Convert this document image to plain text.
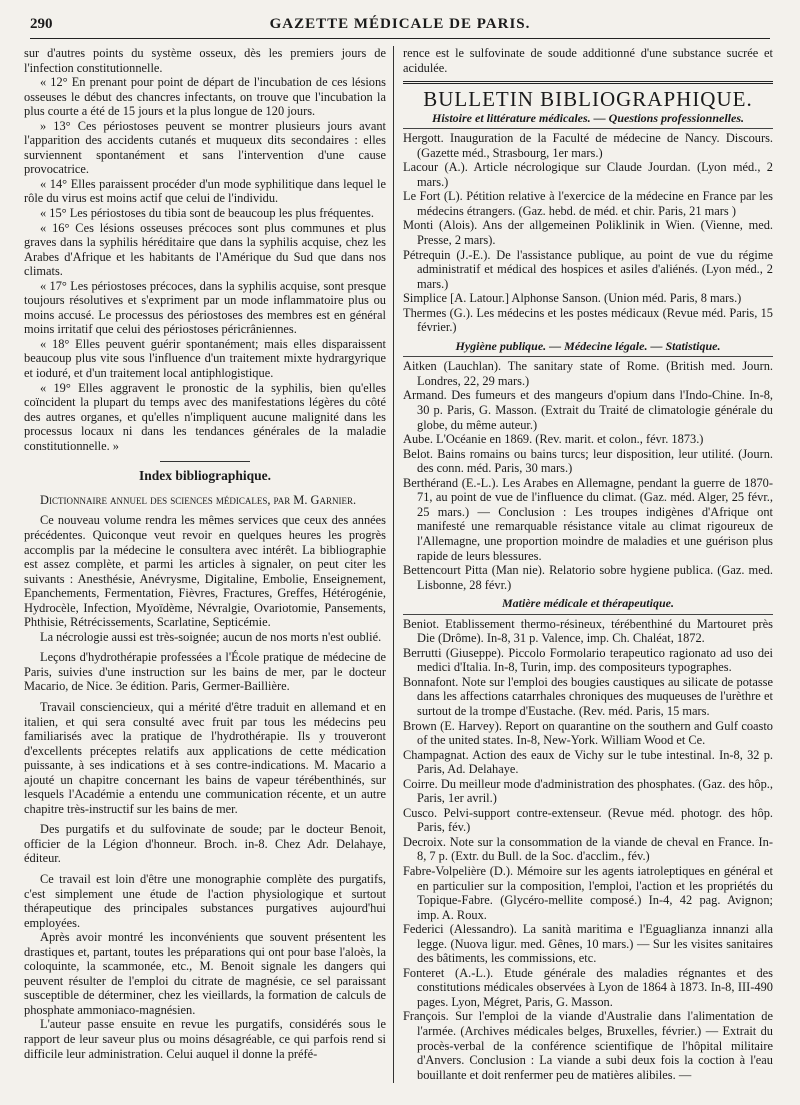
290	GAZETTE MÉDICALE DE PARIS.

sur d'autres points du système osseux, dès les premiers jours de l'infection constitutionnelle.

« 12° En prenant pour point de départ de l'incubation de ces lésions osseuses le début des chancres infectants, on trouve que l'incubation la plus courte a été de 15 jours et la plus longue de 120 jours.

» 13° Ces périostoses peuvent se montrer plusieurs jours avant l'apparition des accidents cutanés et muqueux dits secondaires : elles surviennent spontanément et sans l'intervention d'une cause provocatrice.

« 14° Elles paraissent procéder d'un mode syphilitique dans lequel le rôle du virus est moins actif que celui de l'individu.

« 15° Les périostoses du tibia sont de beaucoup les plus fréquentes.

« 16° Ces lésions osseuses précoces sont plus communes et plus graves dans la syphilis héréditaire que dans la syphilis acquise, chez les Arabes d'Afrique et les habitants de l'Amérique du Sud que dans nos climats.

« 17° Les périostoses précoces, dans la syphilis acquise, sont presque toujours résolutives et s'expriment par un mode inflammatoire plus ou moins accusé. Le processus des périostoses des membres est en général moins irritatif que celui des périostoses péricrâniennes.

« 18° Elles peuvent guérir spontanément; mais elles disparaissent beaucoup plus vite sous l'influence d'un traitement mixte hydrargyrique et ioduré, et d'un traitement local antiphlogistique.

« 19° Elles aggravent le pronostic de la syphilis, bien qu'elles coïncident la plupart du temps avec des manifestations légères du côté des autres organes, et qu'elles n'impliquent aucune malignité dans les processus locaux ni dans les tendances générales de la maladie constitutionnelle. »

Index bibliographique.

Dictionnaire annuel des sciences médicales, par M. Garnier.

Ce nouveau volume rendra les mêmes services que ceux des années précédentes. Quiconque veut revoir en quelques heures les progrès accomplis par la médecine le consultera avec intérêt. La bibliographie est assez complète, et parmi les articles à signaler, on peut citer les suivants : Anesthésie, Anévrysme, Digitaline, Embolie, Enseignement, Epanchements, Fermentation, Fièvres, Fractures, Greffes, Hétérogénie, Hydrocèle, Infection, Myoïdème, Névralgie, Ovariotomie, Pansements, Phthisie, Rétrécissements, Scarlatine, Septicémie.

La nécrologie aussi est très-soignée; aucun de nos morts n'est oublié.

Leçons d'hydrothérapie professées a l'École pratique de médecine de Paris, suivies d'une instruction sur les bains de mer, par le docteur Macario, de Nice. 3e édition. Paris, Germer-Baillière.

Travail consciencieux, qui a mérité d'être traduit en allemand et en italien, et qui sera consulté avec fruit par tous les médecins peu familiarisés avec la pratique de l'hydrothérapie. Ils y trouveront d'excellents préceptes relatifs aux applications de cette médication puissante, à ses indications et à ses contre-indications. M. Macario a ajouté un chapitre concernant les bains de vapeur térébenthinés, sur lesquels l'Académie a entendu une communication récente, et un autre chapitre très-instructif sur les bains de mer.

Des purgatifs et du sulfovinate de soude; par le docteur Benoit, officier de la Légion d'honneur. Broch. in-8. Chez Adr. Delahaye, éditeur.

Ce travail est loin d'être une monographie complète des purgatifs, c'est simplement une étude de l'action physiologique et surtout thérapeutique des principales substances purgatives aujourd'hui employées.

Après avoir montré les inconvénients que souvent présentent les drastiques et, partant, toutes les préparations qui ont pour base l'aloès, la coloquinte, la scammonée, etc., M. Benoit signale les dangers qui peuvent résulter de l'emploi du citrate de magnésie, ce sel paraissant susceptible de déterminer, chez les vieillards, la formation de calculs de phosphate ammoniaco-magnésien.

L'auteur passe ensuite en revue les purgatifs, considérés sous le rapport de leur saveur plus ou moins désagréable, ce qui parfois rend si difficile leur administration. Celui auquel il donne la préfé-

rence est le sulfovinate de soude additionné d'une substance sucrée et acidulée.

BULLETIN BIBLIOGRAPHIQUE.
Histoire et littérature médicales. — Questions professionnelles.

Hergott. Inauguration de la Faculté de médecine de Nancy. Discours. (Gazette méd., Strasbourg, 1er mars.)

Lacour (A.). Article nécrologique sur Claude Jourdan. (Lyon méd., 2 mars.)

Le Fort (L). Pétition relative à l'exercice de la médecine en France par les médecins étrangers. (Gaz. hebd. de méd. et chir. Paris, 21 mars )

Monti (Alois). Ans der allgemeinen Poliklinik in Wien. (Vienne, med. Presse, 2 mars).

Pétrequin (J.-E.). De l'assistance publique, au point de vue du régime administratif et médical des hospices et asiles d'aliénés. (Lyon méd., 2 mars.)

Simplice [A. Latour.] Alphonse Sanson. (Union méd. Paris, 8 mars.)

Thermes (G.). Les médecins et les postes médicaux (Revue méd. Paris, 15 février.)

Hygiène publique. — Médecine légale. — Statistique.

Aitken (Lauchlan). The sanitary state of Rome. (British med. Journ. Londres, 22, 29 mars.)

Armand. Des fumeurs et des mangeurs d'opium dans l'Indo-Chine. In-8, 30 p. Paris, G. Masson. (Extrait du Traité de climatologie générale du globe, du même auteur.)

Aube. L'Océanie en 1869. (Rev. marit. et colon., févr. 1873.)

Belot. Bains romains ou bains turcs; leur disposition, leur utilité. (Journ. des conn. méd. Paris, 30 mars.)

Berthérand (E.-L.). Les Arabes en Allemagne, pendant la guerre de 1870-71, au point de vue de l'influence du climat. (Gaz. méd. Alger, 25 févr., 25 mars.) — Conclusion : Les troupes indigènes d'Afrique ont manifesté une remarquable résistance vitale au climat rigoureux de l'Allemagne, une proportion moindre de maladies et une guérison plus rapide de leurs blessures.

Bettencourt Pitta (Man nie). Relatorio sobre hygiene publica. (Gaz. med. Lisbonne, 28 févr.)

Matière médicale et thérapeutique.

Beniot. Etablissement thermo-résineux, térébenthiné du Martouret près Die (Drôme). In-8, 31 p. Valence, imp. Ch. Chaléat, 1872.

Berrutti (Giuseppe). Piccolo Formolario terapeutico ragionato ad uso dei medici d'Italia. In-8, Turin, imp. des compositeurs typographes.

Bonnafont. Note sur l'emploi des bougies caustiques au silicate de potasse dans les affections catarrhales chroniques des muqueuses de l'urèthre et surtout de la trompe d'Eustache. (Rev. méd. Paris, 15 mars.

Brown (E. Harvey). Report on quarantine on the southern and Gulf coasto of the united states. In-8, New-York. William Wood et Ce.

Champagnat. Action des eaux de Vichy sur le tube intestinal. In-8, 32 p. Paris, Ad. Delahaye.

Coirre. Du meilleur mode d'administration des phosphates. (Gaz. des hôp., Paris, 1er avril.)

Cusco. Pelvi-support contre-extenseur. (Revue méd. photogr. des hôp. Paris, fév.)

Decroix. Note sur la consommation de la viande de cheval en France. In-8, 7 p. (Extr. du Bull. de la Soc. d'acclim., fév.)

Fabre-Volpelière (D.). Mémoire sur les agents iatroleptiques en général et en particulier sur la composition, l'emploi, l'action et les propriétés du Topique-Fabre. (Glycéro-mellite composé.) In-4, 42 pag. Avignon; imp. A. Roux.

Federici (Alessandro). La sanità maritima e l'Eguaglianza innanzi alla legge. (Nuova ligur. med. Gênes, 10 mars.) — Sur les visites sanitaires des bâtiments, les commissions, etc.

Fonteret (A.-L.). Etude générale des maladies régnantes et des constitutions médicales observées à Lyon de 1864 à 1873. In-8, III-490 pages. Lyon, Mégret, Paris, G. Masson.

François. Sur l'emploi de la viande d'Australie dans l'alimentation de l'armée. (Archives médicales belges, Bruxelles, février.) — Extrait du procès-verbal de la conférence scientifique de l'hôpital militaire d'Anvers. Conclusion : La viande a subi deux fois la coction à l'eau bouillante et doit renfermer peu de matières alibiles. —
